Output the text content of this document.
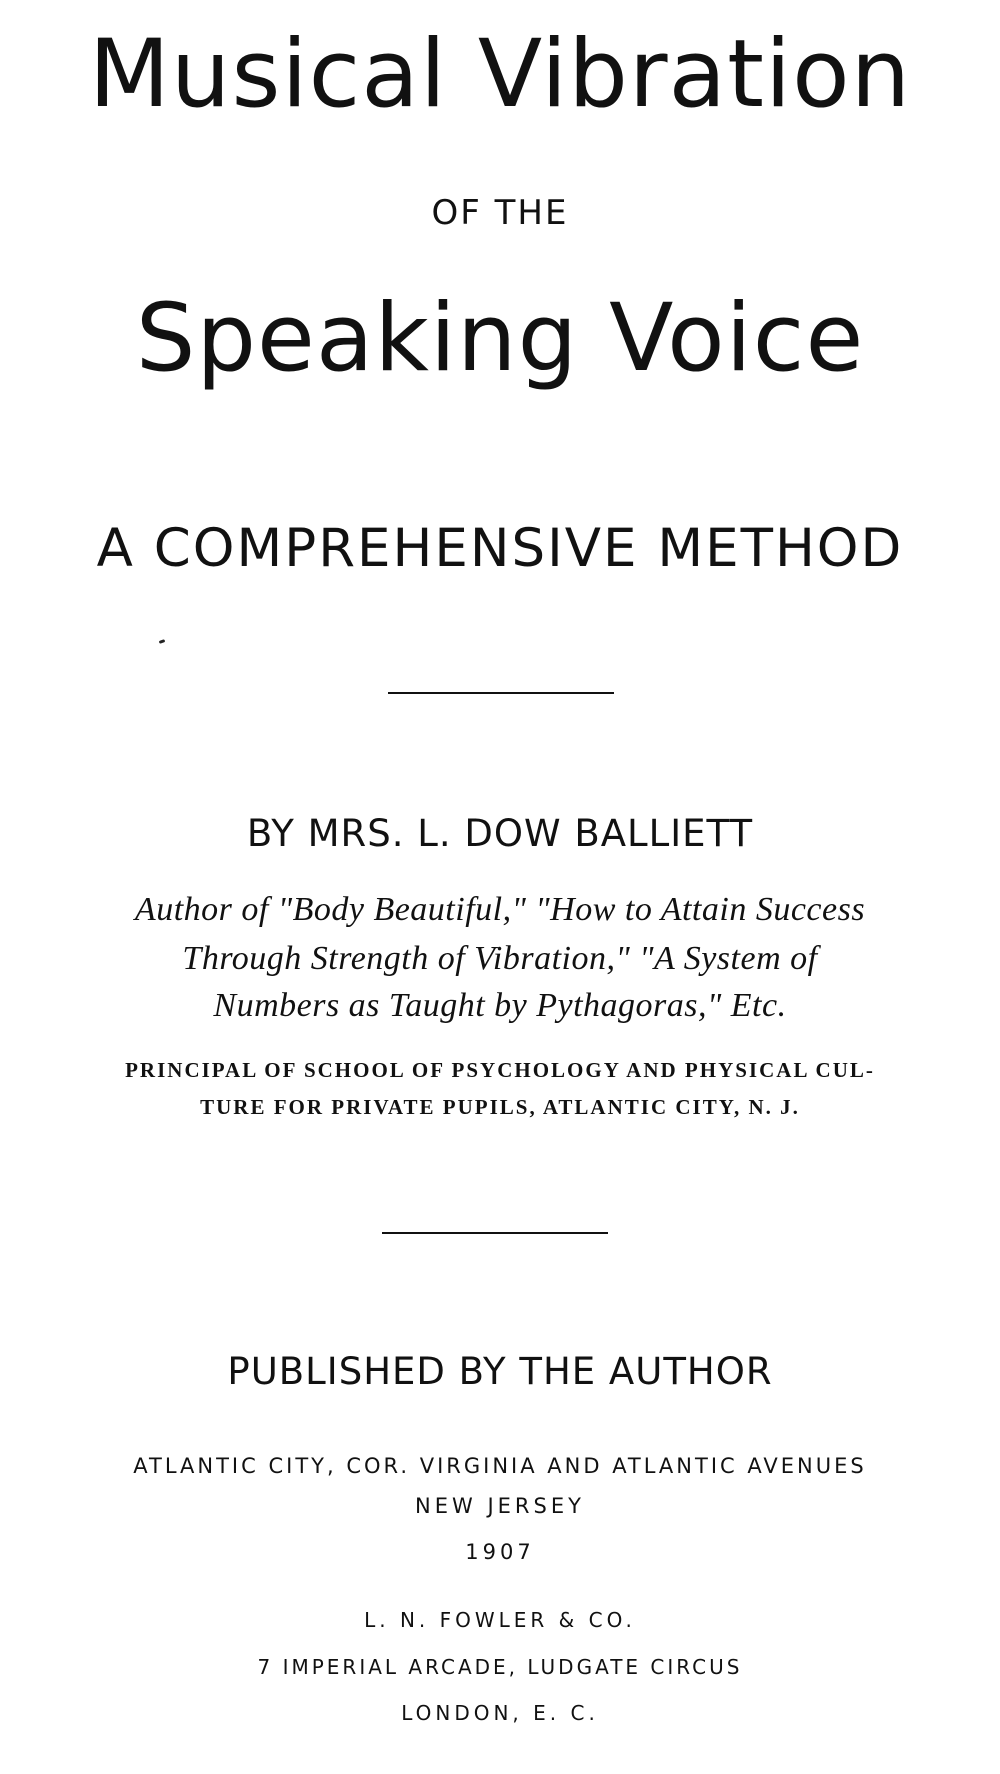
Musical Vibration
OF THE
Speaking Voice
A COMPREHENSIVE METHOD
BY MRS. L. DOW BALLIETT
Author of "Body Beautiful," "How to Attain Success
Through Strength of Vibration," "A System of
Numbers as Taught by Pythagoras," Etc.
PRINCIPAL OF SCHOOL OF PSYCHOLOGY AND PHYSICAL CUL-
TURE FOR PRIVATE PUPILS, ATLANTIC CITY, N. J.
PUBLISHED BY THE AUTHOR
ATLANTIC CITY, COR. VIRGINIA AND ATLANTIC AVENUES
NEW JERSEY
1907
L. N. FOWLER & CO.
7 IMPERIAL ARCADE, LUDGATE CIRCUS
LONDON, E. C.
